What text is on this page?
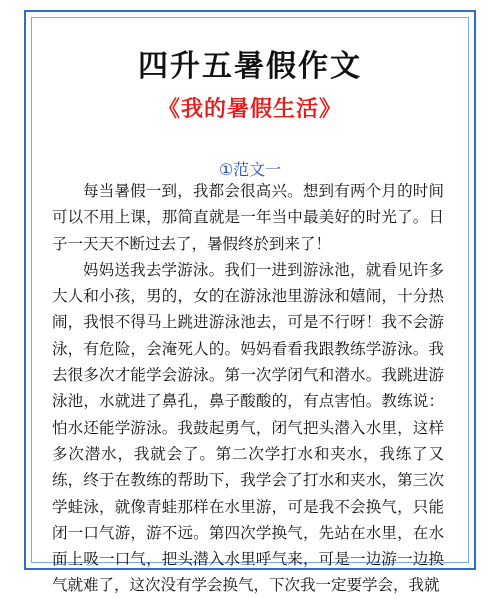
四升五暑假作文
《我的暑假生活》
①范文一

每当暑假一到，我都会很高兴。想到有两个月的时间可以不用上课，那简直就是一年当中最美好的时光了。日子一天天不断过去了，暑假终於到来了！

妈妈送我去学游泳。我们一进到游泳池，就看见许多大人和小孩，男的，女的在游泳池里游泳和嬉闹，十分热闹，我恨不得马上跳进游泳池去，可是不行呀！我不会游泳，有危险，会淹死人的。妈妈看看我跟教练学游泳。我去很多次才能学会游泳。第一次学闭气和潜水。我跳进游泳池，水就进了鼻孔，鼻子酸酸的，有点害怕。教练说：怕水还能学游泳。我鼓起勇气，闭气把头潜入水里，这样多次潜水，我就会了。第二次学打水和夹水，我练了又练，终于在教练的帮助下，我学会了打水和夹水，第三次学蛙泳，就像青蛙那样在水里游，可是我不会换气，只能闭一口气游，游不远。第四次学换气，先站在水里，在水面上吸一口气，把头潜入水里呼气来，可是一边游一边换气就难了，这次没有学会换气，下次我一定要学会，我就
